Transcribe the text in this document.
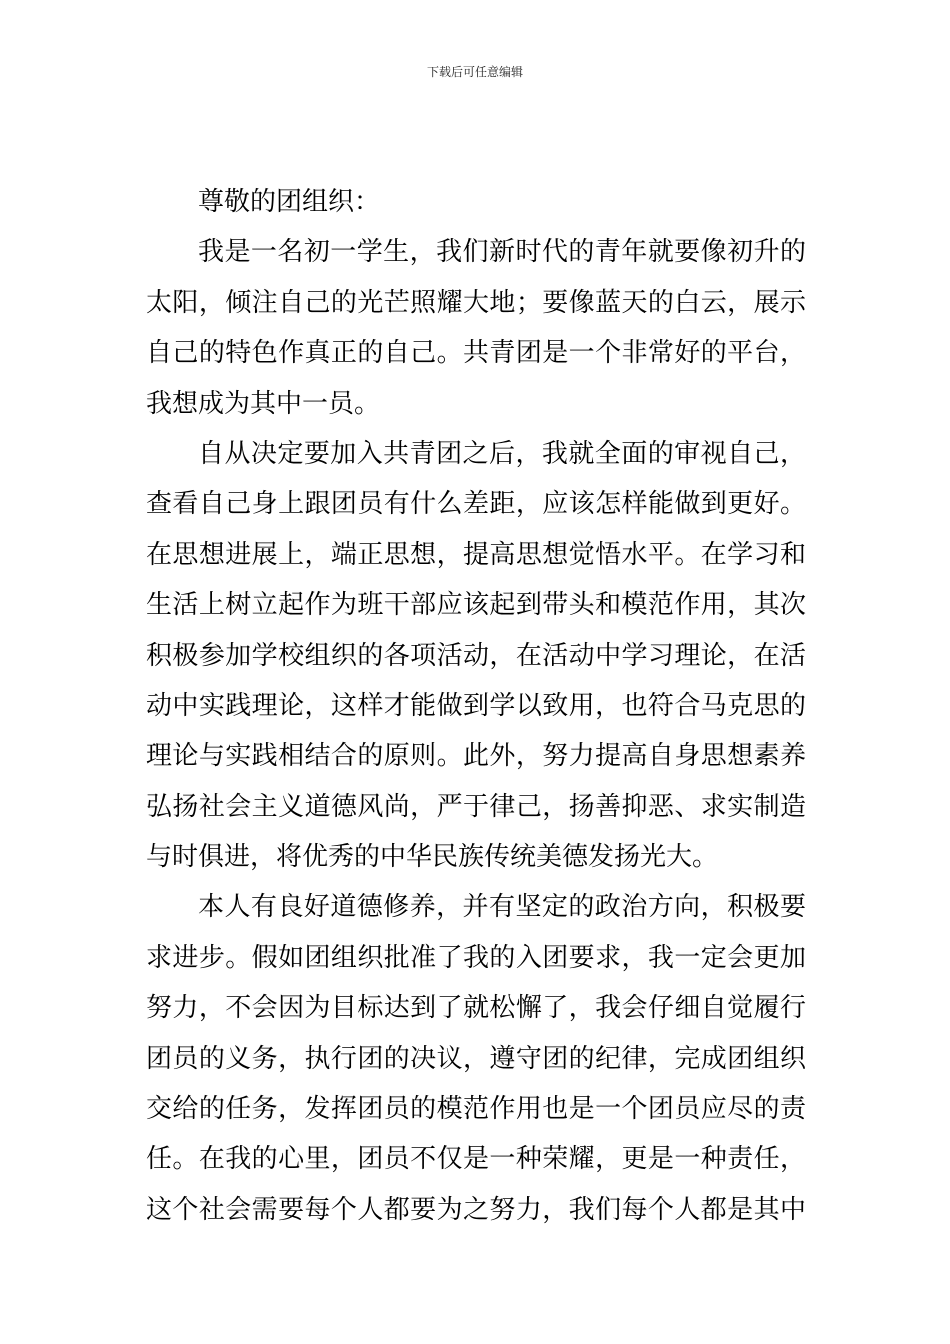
下载后可任意编辑
尊敬的团组织：
我是一名初一学生，我们新时代的青年就要像初升的
太阳，倾注自己的光芒照耀大地；要像蓝天的白云，展示
自己的特色作真正的自己。共青团是一个非常好的平台，
我想成为其中一员。
自从决定要加入共青团之后，我就全面的审视自己，
查看自己身上跟团员有什么差距，应该怎样能做到更好。
在思想进展上，端正思想，提高思想觉悟水平。在学习和
生活上树立起作为班干部应该起到带头和模范作用，其次
积极参加学校组织的各项活动，在活动中学习理论，在活
动中实践理论，这样才能做到学以致用，也符合马克思的
理论与实践相结合的原则。此外，努力提高自身思想素养
弘扬社会主义道德风尚，严于律己，扬善抑恶、求实制造
与时俱进，将优秀的中华民族传统美德发扬光大。
本人有良好道德修养，并有坚定的政治方向，积极要
求进步。假如团组织批准了我的入团要求，我一定会更加
努力，不会因为目标达到了就松懈了，我会仔细自觉履行
团员的义务，执行团的决议，遵守团的纪律，完成团组织
交给的任务，发挥团员的模范作用也是一个团员应尽的责
任。在我的心里，团员不仅是一种荣耀，更是一种责任，
这个社会需要每个人都要为之努力，我们每个人都是其中
